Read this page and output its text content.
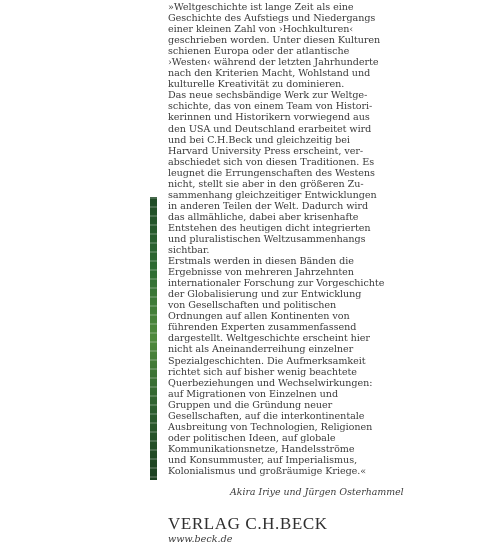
»Weltgeschichte ist lange Zeit als eine
Geschichte des Aufstiegs und Niedergangs
einer kleinen Zahl von ›Hochkulturen‹
geschrieben worden. Unter diesen Kulturen
schienen Europa oder der atlantische
›Westen‹ während der letzten Jahrhunderte
nach den Kriterien Macht, Wohlstand und
kulturelle Kreativität zu dominieren.
Das neue sechsbändige Werk zur Weltge-
schichte, das von einem Team von Histori-
kerinnen und Historikern vorwiegend aus
den USA und Deutschland erarbeitet wird
und bei C.H.Beck und gleichzeitig bei
Harvard University Press erscheint, ver-
abschiedet sich von diesen Traditionen. Es
leugnet die Errungenschaften des Westens
nicht, stellt sie aber in den größeren Zu-
sammenhang gleichzeitiger Entwicklungen
in anderen Teilen der Welt. Dadurch wird
das allmähliche, dabei aber krisenhafte
Entstehen des heutigen dicht integrierten
und pluralistischen Weltzusammenhangs
sichtbar.
Erstmals werden in diesen Bänden die
Ergebnisse von mehreren Jahrzehnten
internationaler Forschung zur Vorgeschichte
der Globalisierung und zur Entwicklung
von Gesellschaften und politischen
Ordnungen auf allen Kontinenten von
führenden Experten zusammenfassend
dargestellt. Weltgeschichte erscheint hier
nicht als Aneinanderreihung einzelner
Spezialgeschichten. Die Aufmerksamkeit
richtet sich auf bisher wenig beachtete
Querbeziehungen und Wechselwirkungen:
auf Migrationen von Einzelnen und
Gruppen und die Gründung neuer
Gesellschaften, auf die interkontinentale
Ausbreitung von Technologien, Religionen
oder politischen Ideen, auf globale
Kommunikationsnetze, Handelsströme
und Konsummuster, auf Imperialismus,
Kolonialismus und großräumige Kriege.«
Akira Iriye und Jürgen Osterhammel
VERLAG C.H.BECK
www.beck.de
